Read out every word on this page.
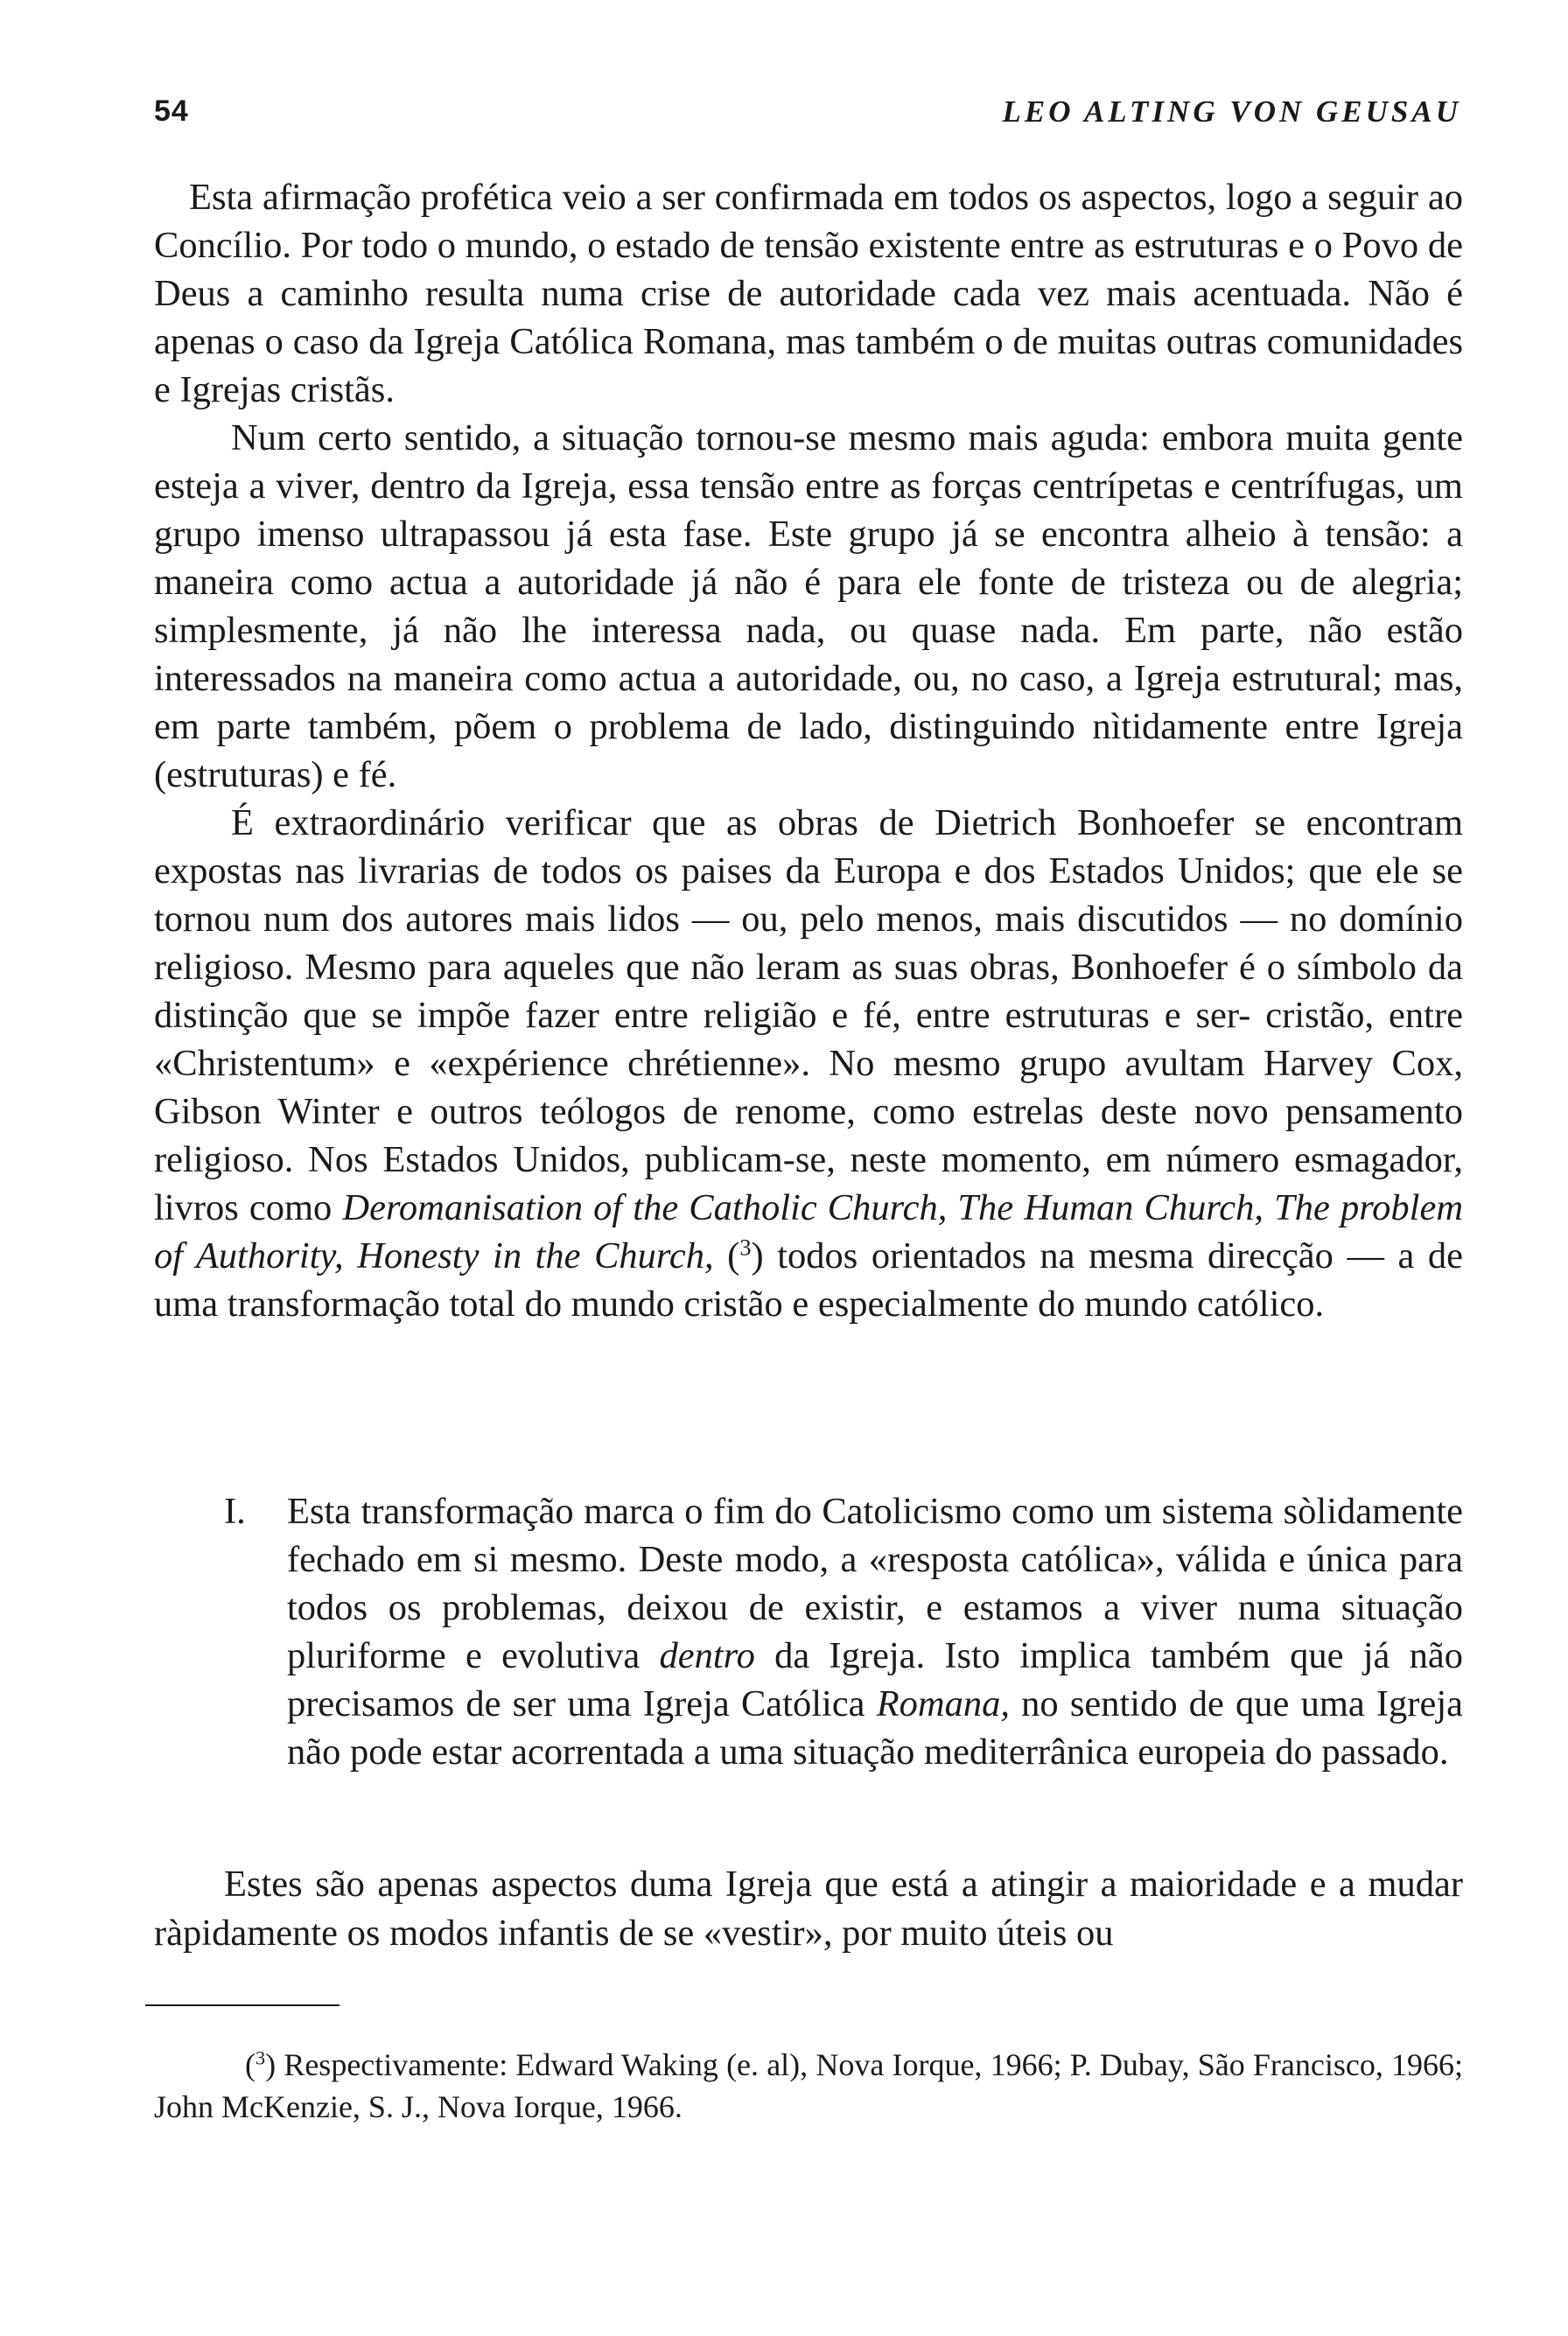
54	LEO ALTING VON GEUSAU

Esta afirmação profética veio a ser confirmada em todos os aspectos, logo a seguir ao Concílio. Por todo o mundo, o estado de tensão existente entre as estruturas e o Povo de Deus a caminho resulta numa crise de autoridade cada vez mais acentuada. Não é apenas o caso da Igreja Católica Romana, mas também o de muitas outras comunidades e Igrejas cristãs.

Num certo sentido, a situação tornou-se mesmo mais aguda: embora muita gente esteja a viver, dentro da Igreja, essa tensão entre as forças centrípetas e centrífugas, um grupo imenso ultrapassou já esta fase. Este grupo já se encontra alheio à tensão: a maneira como actua a autoridade já não é para ele fonte de tristeza ou de alegria; simplesmente, já não lhe interessa nada, ou quase nada. Em parte, não estão interessados na maneira como actua a autoridade, ou, no caso, a Igreja estrutural; mas, em parte também, põem o problema de lado, distinguindo nìtidamente entre Igreja (estruturas) e fé.

É extraordinário verificar que as obras de Dietrich Bonhoefer se encontram expostas nas livrarias de todos os paises da Europa e dos Estados Unidos; que ele se tornou num dos autores mais lidos — ou, pelo menos, mais discutidos — no domínio religioso. Mesmo para aqueles que não leram as suas obras, Bonhoefer é o símbolo da distinção que se impõe fazer entre religião e fé, entre estruturas e ser- cristão, entre «Christentum» e «expérience chrétienne». No mesmo grupo avultam Harvey Cox, Gibson Winter e outros teólogos de renome, como estrelas deste novo pensamento religioso. Nos Estados Unidos, publicam-se, neste momento, em número esmagador, livros como Deromanisation of the Catholic Church, The Human Church, The problem of Authority, Honesty in the Church, ($^3$) todos orientados na mesma direcção — a de uma transformação total do mundo cristão e especialmente do mundo católico.

I. Esta transformação marca o fim do Catolicismo como um sistema sòlidamente fechado em si mesmo. Deste modo, a «resposta católica», válida e única para todos os problemas, deixou de existir, e estamos a viver numa situação pluriforme e evolutiva dentro da Igreja. Isto implica também que já não precisamos de ser uma Igreja Católica Romana, no sentido de que uma Igreja não pode estar acorrentada a uma situação mediterrânica europeia do passado.

Estes são apenas aspectos duma Igreja que está a atingir a maioridade e a mudar ràpidamente os modos infantis de se «vestir», por muito úteis ou

($^3$) Respectivamente: Edward Waking (e. al), Nova Iorque, 1966; P. Dubay, São Francisco, 1966; John McKenzie, S. J., Nova Iorque, 1966.
